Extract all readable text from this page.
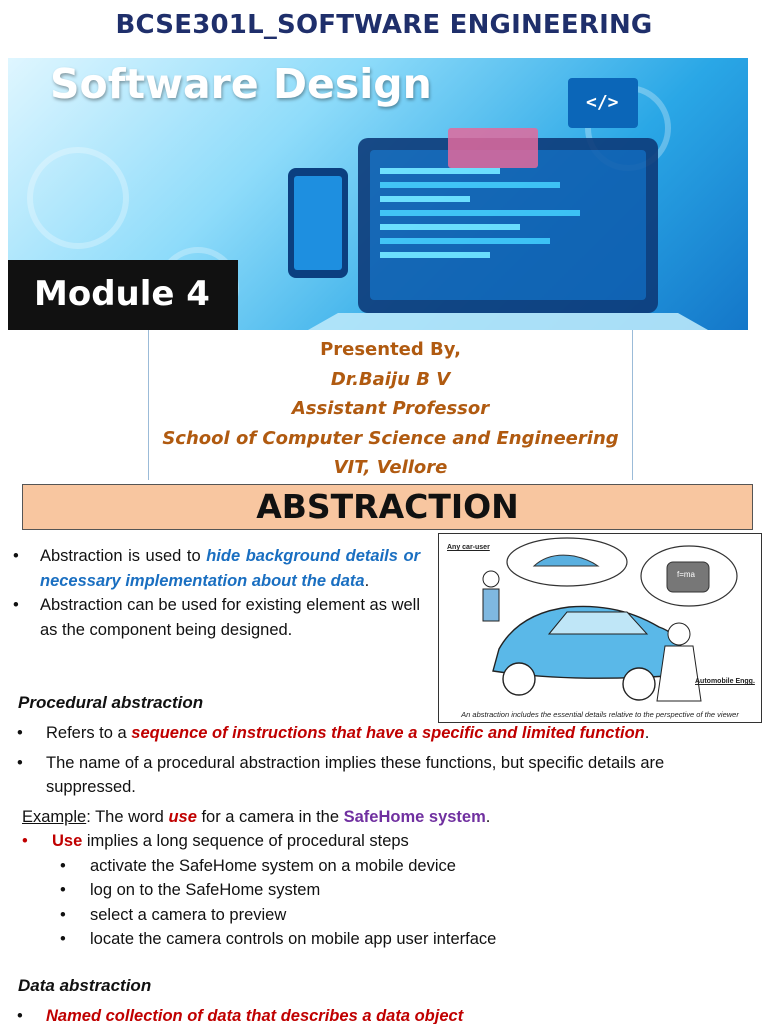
BCSE301L_SOFTWARE ENGINEERING
Software Design	</>
Module 4
Presented By,
Dr.Baiju B V
Assistant Professor
School of Computer Science and Engineering
VIT, Vellore
ABSTRACTION
• Abstraction is used to hide background details or necessary implementation about the data.
• Abstraction can be used for existing element as well as the component being designed.
Any car-user
f=ma
Automobile Engg.
An abstraction includes the essential details relative to the perspective of the viewer
Procedural abstraction
• Refers to a sequence of instructions that have a specific and limited function.
• The name of a procedural abstraction implies these functions, but specific details are suppressed.
Example: The word use for a camera in the SafeHome system.
• Use implies a long sequence of procedural steps
• activate the SafeHome system on a mobile device
• log on to the SafeHome system
• select a camera to preview
• locate the camera controls on mobile app user interface
Data abstraction
• Named collection of data that describes a data object
